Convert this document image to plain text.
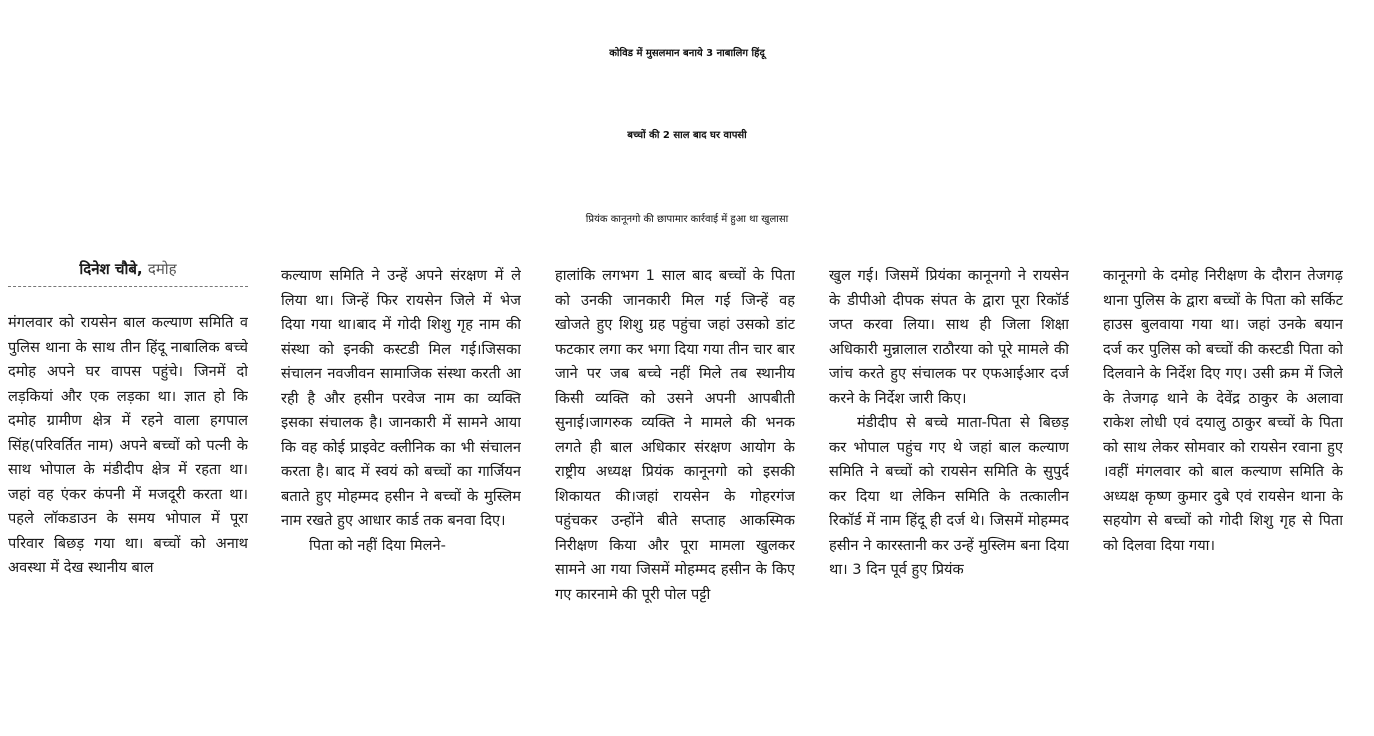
कोविड में मुसलमान बनाये 3 नाबालिग हिंदू
बच्चों की 2 साल बाद घर वापसी
प्रियंक कानूनगो की छापामार कार्रवाई में हुआ था खुलासा
दिनेश चौबे, दमोह

मंगलवार को रायसेन बाल कल्याण समिति व पुलिस थाना के साथ तीन हिंदू नाबालिक बच्चे दमोह अपने घर वापस पहुंचे। जिनमें दो लड़कियां और एक लड़का था। ज्ञात हो कि दमोह ग्रामीण क्षेत्र में रहने वाला हगपाल सिंह(परिवर्तित नाम) अपने बच्चों को पत्नी के साथ भोपाल के मंडीदीप क्षेत्र में रहता था। जहां वह एंकर कंपनी में मजदूरी करता था। पहले लॉकडाउन के समय भोपाल में पूरा परिवार बिछड़ गया था। बच्चों को अनाथ अवस्था में देख स्थानीय बाल

कल्याण समिति ने उन्हें अपने संरक्षण में ले लिया था। जिन्हें फिर रायसेन जिले में भेज दिया गया था।बाद में गोदी शिशु गृह नाम की संस्था को इनकी कस्टडी मिल गई।जिसका संचालन नवजीवन सामाजिक संस्था करती आ रही है और हसीन परवेज नाम का व्यक्ति इसका संचालक है। जानकारी में सामने आया कि वह कोई प्राइवेट क्लीनिक का भी संचालन करता है। बाद में स्वयं को बच्चों का गार्जियन बताते हुए मोहम्मद हसीन ने बच्चों के मुस्लिम नाम रखते हुए आधार कार्ड तक बनवा दिए।

पिता को नहीं दिया मिलने-

हालांकि लगभग 1 साल बाद बच्चों के पिता को उनकी जानकारी मिल गई जिन्हें वह खोजते हुए शिशु ग्रह पहुंचा जहां उसको डांट फटकार लगा कर भगा दिया गया तीन चार बार जाने पर जब बच्चे नहीं मिले तब स्थानीय किसी व्यक्ति को उसने अपनी आपबीती सुनाई।जागरुक व्यक्ति ने मामले की भनक लगते ही बाल अधिकार संरक्षण आयोग के राष्ट्रीय अध्यक्ष प्रियंक कानूनगो को इसकी शिकायत की।जहां रायसेन के गोहरगंज पहुंचकर उन्होंने बीते सप्ताह आकस्मिक निरीक्षण किया और पूरा मामला खुलकर सामने आ गया जिसमें मोहम्मद हसीन के किए गए कारनामे की पूरी पोल पट्टी

खुल गई। जिसमें प्रियंका कानूनगो ने रायसेन के डीपीओ दीपक संपत के द्वारा पूरा रिकॉर्ड जप्त करवा लिया। साथ ही जिला शिक्षा अधिकारी मुन्नालाल राठौरया को पूरे मामले की जांच करते हुए संचालक पर एफआईआर दर्ज करने के निर्देश जारी किए।

मंडीदीप से बच्चे माता-पिता से बिछड़ कर भोपाल पहुंच गए थे जहां बाल कल्याण समिति ने बच्चों को रायसेन समिति के सुपुर्द कर दिया था लेकिन समिति के तत्कालीन रिकॉर्ड में नाम हिंदू ही दर्ज थे। जिसमें मोहम्मद हसीन ने कारस्तानी कर उन्हें मुस्लिम बना दिया था। 3 दिन पूर्व हुए प्रियंक

कानूनगो के दमोह निरीक्षण के दौरान तेजगढ़ थाना पुलिस के द्वारा बच्चों के पिता को सर्किट हाउस बुलवाया गया था। जहां उनके बयान दर्ज कर पुलिस को बच्चों की कस्टडी पिता को दिलवाने के निर्देश दिए गए। उसी क्रम में जिले के तेजगढ़ थाने के देवेंद्र ठाकुर के अलावा राकेश लोधी एवं दयालु ठाकुर बच्चों के पिता को साथ लेकर सोमवार को रायसेन रवाना हुए ।वहीं मंगलवार को बाल कल्याण समिति के अध्यक्ष कृष्ण कुमार दुबे एवं रायसेन थाना के सहयोग से बच्चों को गोदी शिशु गृह से पिता को दिलवा दिया गया।
